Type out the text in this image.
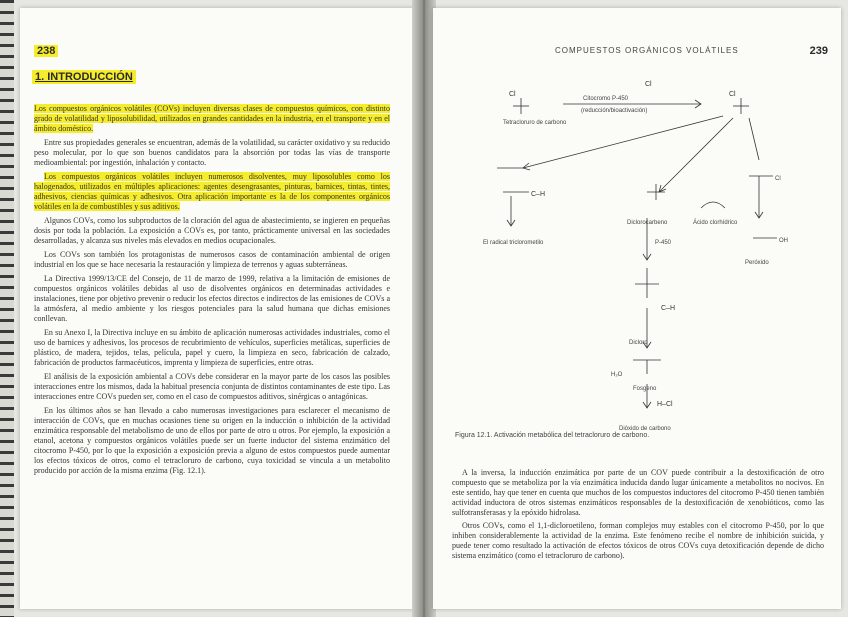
238
1. INTRODUCCIÓN

Los compuestos orgánicos volátiles (COVs) incluyen diversas clases de compuestos químicos, con distinto grado de volatilidad y liposolubilidad, utilizados en grandes cantidades en la industria, en el transporte y en el ámbito doméstico.

Entre sus propiedades generales se encuentran, además de la volatilidad, su carácter oxidativo y su reducido peso molecular, por lo que son buenos candidatos para la absorción por todas las vías de transporte medioambiental: por ingestión, inhalación y contacto.

Los compuestos orgánicos volátiles incluyen numerosos disolventes, muy liposolubles como los halogenados, utilizados en múltiples aplicaciones: agentes desengrasantes, pinturas, barnices, tintas, tintes, adhesivos, ciencias químicas y adhesivos. Otra aplicación importante es la de los componentes orgánicos volátiles en la de combustibles y sus aditivos.

Algunos COVs, como los subproductos de la cloración del agua de abastecimiento, se ingieren en pequeñas dosis por toda la población. La exposición a COVs es, por tanto, prácticamente universal en las sociedades desarrolladas, y alcanza sus niveles más elevados en medios ocupacionales.

Los COVs son también los protagonistas de numerosos casos de contaminación ambiental de origen industrial en los que se hace necesaria la restauración y limpieza de terrenos y aguas subterráneas.

La Directiva 1999/13/CE del Consejo, de 11 de marzo de 1999, relativa a la limitación de emisiones de compuestos orgánicos volátiles debidas al uso de disolventes orgánicos en determinadas actividades e instalaciones, tiene por objetivo prevenir o reducir los efectos directos e indirectos de las emisiones de COVs a la atmósfera, al medio ambiente y los riesgos potenciales para la salud humana que dichas emisiones conllevan.

En su Anexo I, la Directiva incluye en su ámbito de aplicación numerosas actividades industriales, como el uso de barnices y adhesivos, los procesos de recubrimiento de vehículos, superficies metálicas, superficies de plástico, de madera, tejidos, telas, película, papel y cuero, la limpieza en seco, fabricación de calzado, fabricación de productos farmacéuticos, imprenta y limpieza de superficies, entre otras.

El análisis de la exposición ambiental a COVs debe considerar en la mayor parte de los casos las posibles interacciones entre los mismos, dada la habitual presencia conjunta de distintos contaminantes de este tipo. Las interacciones entre COVs pueden ser, como en el caso de compuestos aditivos, sinérgicas o antagónicas.

En los últimos años se han llevado a cabo numerosas investigaciones para esclarecer el mecanismo de interacción de COVs, que en muchas ocasiones tiene su origen en la inducción o inhibición de la actividad enzimática responsable del metabolismo de uno de ellos por parte de otro u otros. Por ejemplo, la exposición a etanol, acetona y compuestos orgánicos volátiles puede ser un fuerte inductor del sistema enzimático del citocromo P-450, por lo que la exposición a exposición previa a alguno de estos compuestos puede aumentar los efectos tóxicos de otros, como el tetracloruro de carbono, cuya toxicidad se vincula a un metabolito producido por acción de la misma enzima (Fig. 12.1).

Cl
Tetracloruro de carbono
Citocromo P-450
(reducción/bioactivación)
Cl
Cl
C–H
El radical triclorometilo
Diclorocarbeno	Ácido clorhídrico
Cl
P-450
Peróxido
C–H
Dicloro
Fosgeno
H₂O
H–Cl
Dióxido de carbono
OH
239
COMPUESTOS ORGÁNICOS VOLÁTILES
Figura 12.1. Activación metabólica del tetracloruro de carbono.

A la inversa, la inducción enzimática por parte de un COV puede contribuir a la destoxificación de otro compuesto que se metaboliza por la vía enzimática inducida dando lugar únicamente a metabolitos no nocivos. En este sentido, hay que tener en cuenta que muchos de los compuestos inductores del citocromo P-450 tienen también actividad inductora de otros sistemas enzimáticos responsables de la destoxificación de xenobióticos, como las sulfotransferasas y la epóxido hidrolasa.

Otros COVs, como el 1,1-dicloroetileno, forman complejos muy estables con el citocromo P-450, por lo que inhiben considerablemente la actividad de la enzima. Este fenómeno recibe el nombre de inhibición suicida, y puede tener como resultado la activación de efectos tóxicos de otros COVs cuya detoxificación depende de dicho sistema enzimático (como el tetracloruro de carbono).
